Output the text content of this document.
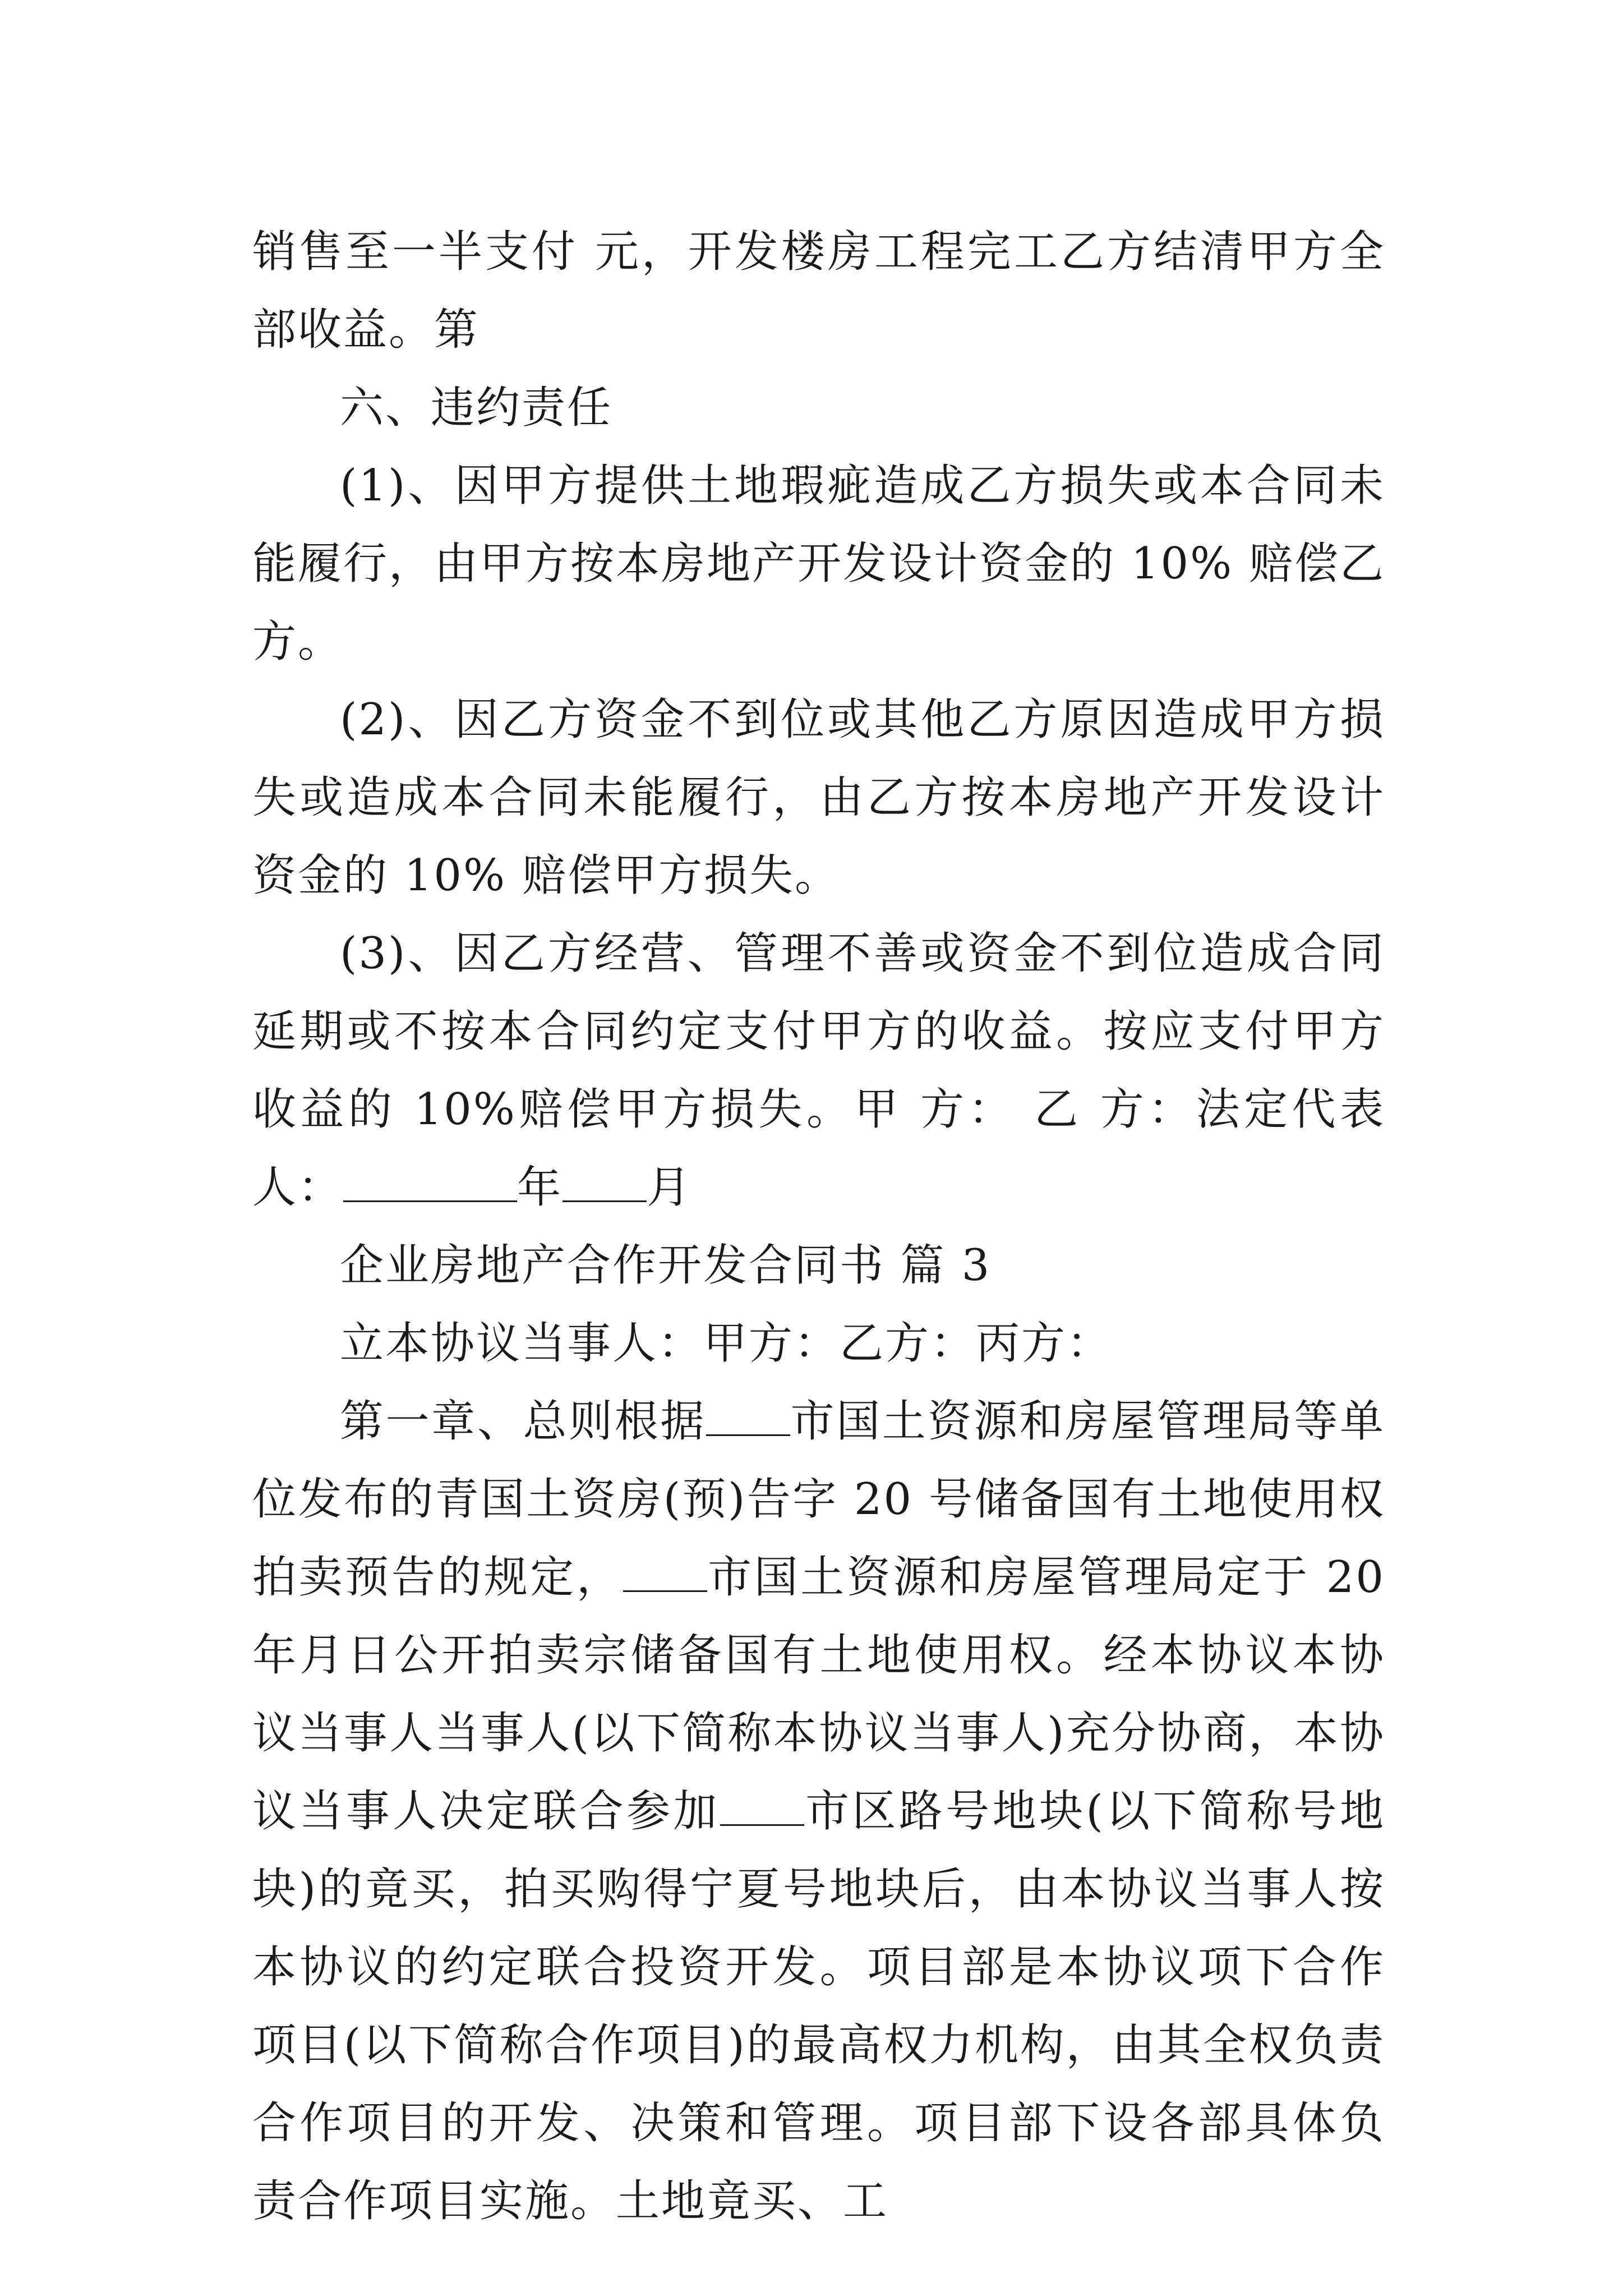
销售至一半支付 元，开发楼房工程完工乙方结清甲方全部收益。第

六、违约责任

(1)、因甲方提供土地瑕疵造成乙方损失或本合同未能履行，由甲方按本房地产开发设计资金的 10% 赔偿乙方。

(2)、因乙方资金不到位或其他乙方原因造成甲方损失或造成本合同未能履行，由乙方按本房地产开发设计资金的 10% 赔偿甲方损失。

(3)、因乙方经营、管理不善或资金不到位造成合同延期或不按本合同约定支付甲方的收益。按应支付甲方收益的 10%赔偿甲方损失。甲 方： 乙 方：法定代表人：	年 月

企业房地产合作开发合同书 篇 3

立本协议当事人：甲方：乙方：丙方：

第一章、总则根据 市国土资源和房屋管理局等单位发布的青国土资房(预)告字 20 号储备国有土地使用权拍卖预告的规定， 市国土资源和房屋管理局定于 20 年月日公开拍卖宗储备国有土地使用权。经本协议本协议当事人当事人(以下简称本协议当事人)充分协商，本协议当事人决定联合参加 市区路号地块(以下简称号地块)的竟买，拍买购得宁夏号地块后，由本协议当事人按本协议的约定联合投资开发。项目部是本协议项下合作项目(以下简称合作项目)的最高权力机构，由其全权负责合作项目的开发、决策和管理。项目部下设各部具体负责合作项目实施。土地竟买、工
